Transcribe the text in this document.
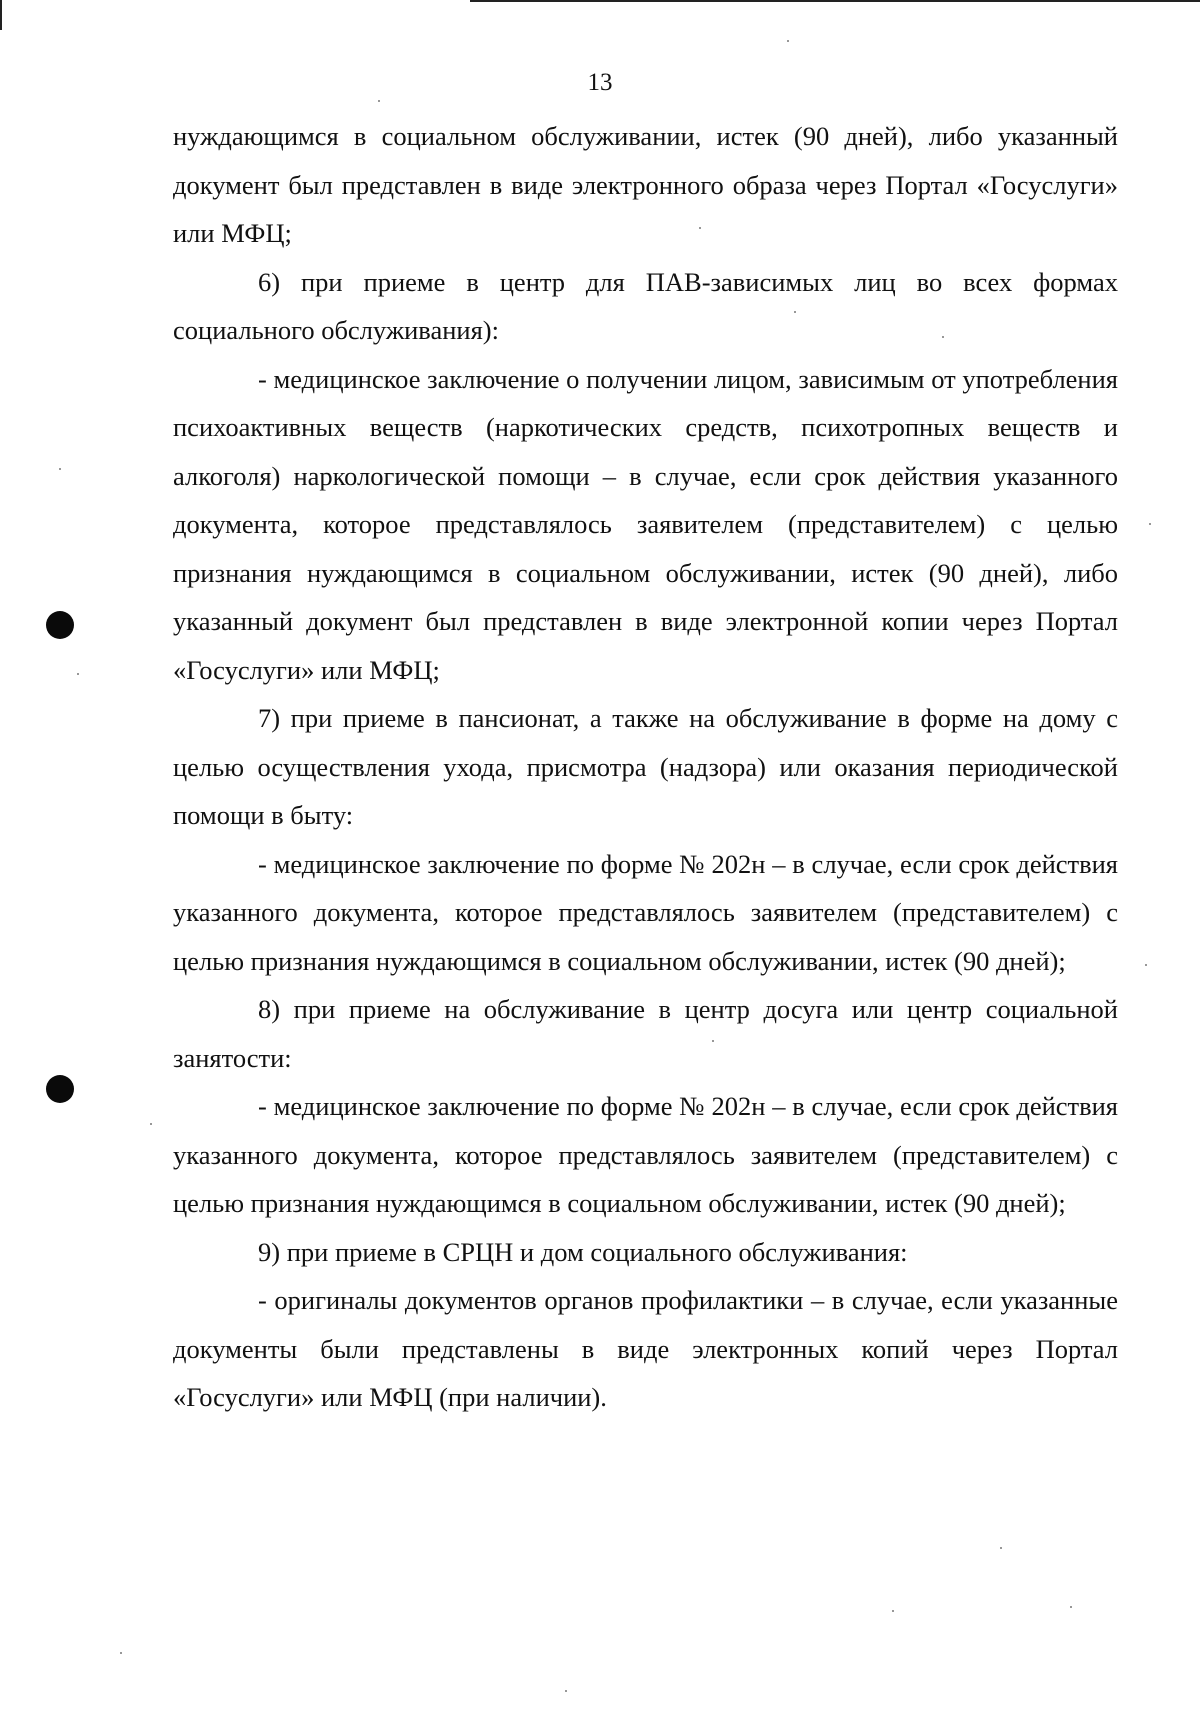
13

нуждающимся в социальном обслуживании, истек (90 дней), либо указанный документ был представлен в виде электронного образа через Портал «Госуслуги» или МФЦ;

6) при приеме в центр для ПАВ-зависимых лиц во всех формах социального обслуживания):

- медицинское заключение о получении лицом, зависимым от употребления психоактивных веществ (наркотических средств, психотропных веществ и алкоголя) наркологической помощи – в случае, если срок действия указанного документа, которое представлялось заявителем (представителем) с целью признания нуждающимся в социальном обслуживании, истек (90 дней), либо указанный документ был представлен в виде электронной копии через Портал «Госуслуги» или МФЦ;

7) при приеме в пансионат, а также на обслуживание в форме на дому с целью осуществления ухода, присмотра (надзора) или оказания периодической помощи в быту:

- медицинское заключение по форме № 202н – в случае, если срок действия указанного документа, которое представлялось заявителем (представителем) с целью признания нуждающимся в социальном обслуживании, истек (90 дней);

8) при приеме на обслуживание в центр досуга или центр социальной занятости:

- медицинское заключение по форме № 202н – в случае, если срок действия указанного документа, которое представлялось заявителем (представителем) с целью признания нуждающимся в социальном обслуживании, истек (90 дней);

9) при приеме в СРЦН и дом социального обслуживания:

- оригиналы документов органов профилактики – в случае, если указанные документы были представлены в виде электронных копий через Портал «Госуслуги» или МФЦ (при наличии).
